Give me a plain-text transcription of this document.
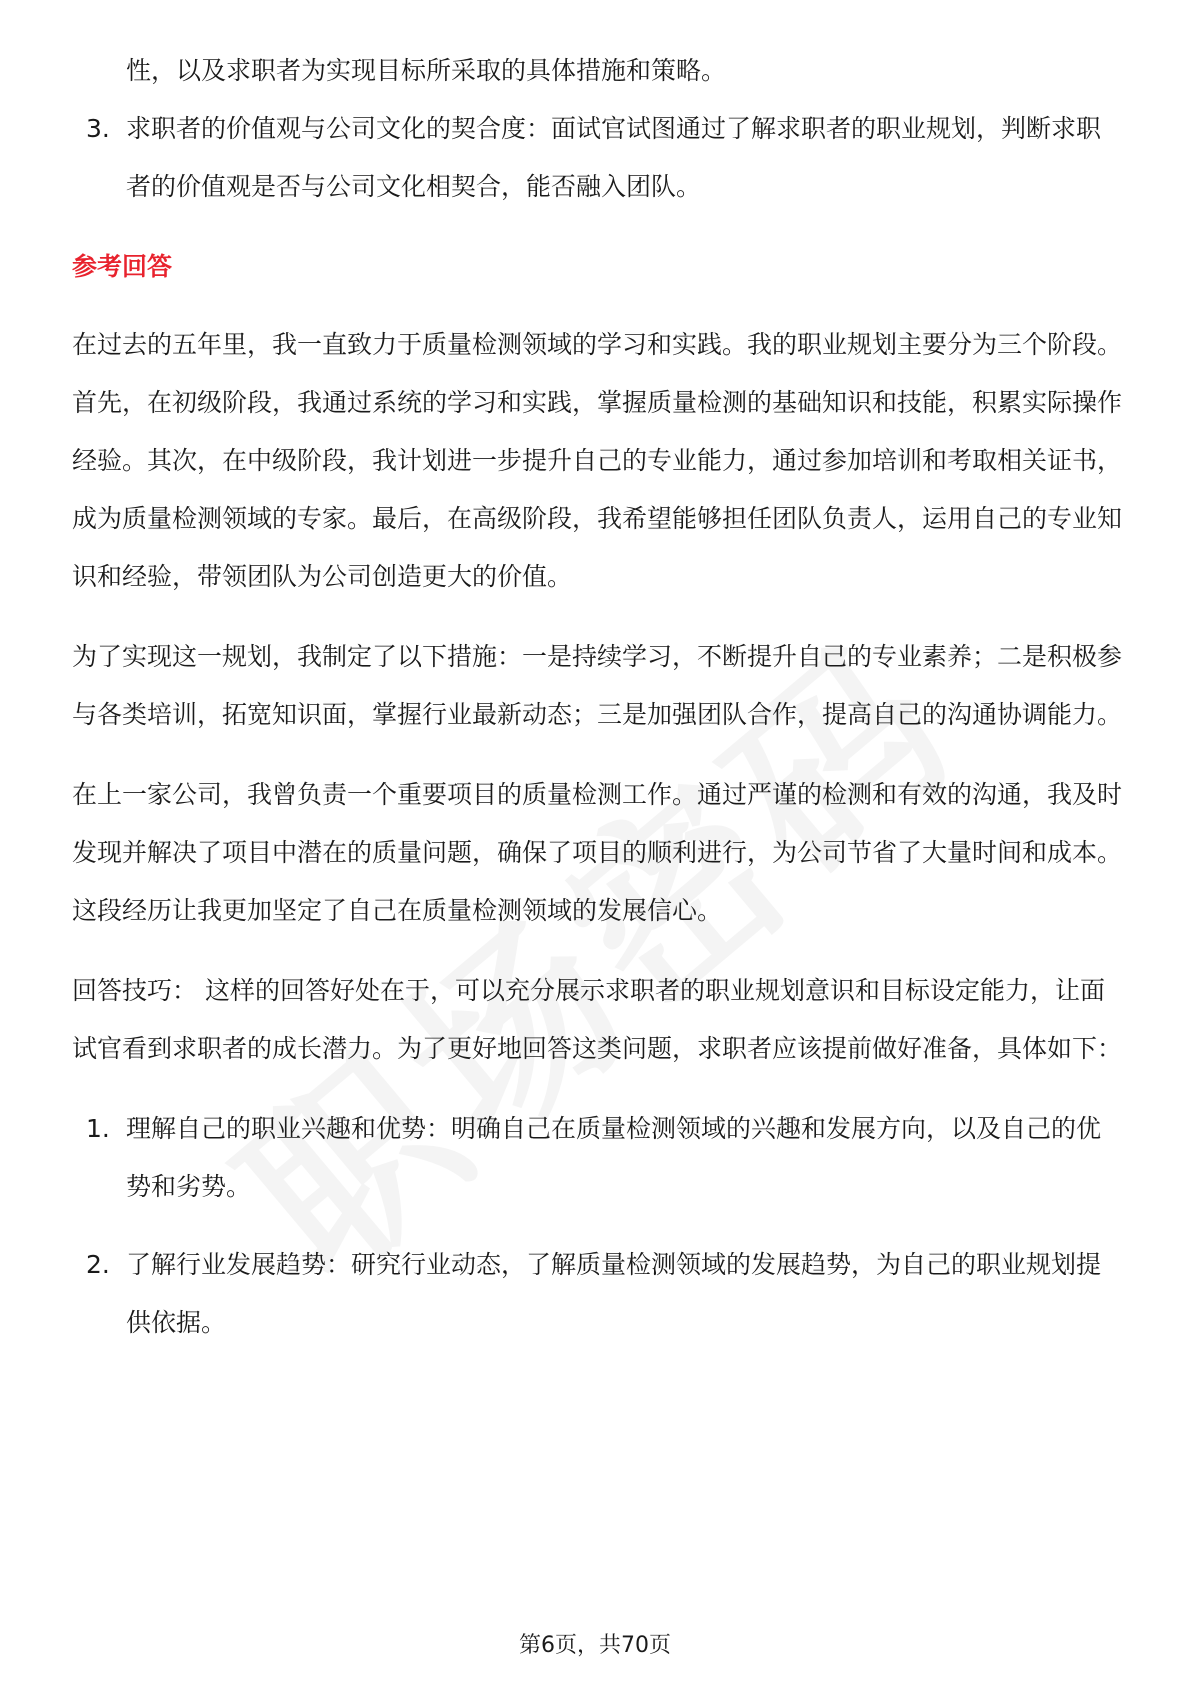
性，以及求职者为实现目标所采取的具体措施和策略。

3. 求职者的价值观与公司文化的契合度：面试官试图通过了解求职者的职业规划，判断求职者的价值观是否与公司文化相契合，能否融入团队。
参考回答

在过去的五年里，我一直致力于质量检测领域的学习和实践。我的职业规划主要分为三个阶段。首先，在初级阶段，我通过系统的学习和实践，掌握质量检测的基础知识和技能，积累实际操作经验。其次，在中级阶段，我计划进一步提升自己的专业能力，通过参加培训和考取相关证书，成为质量检测领域的专家。最后，在高级阶段，我希望能够担任团队负责人，运用自己的专业知识和经验，带领团队为公司创造更大的价值。

为了实现这一规划，我制定了以下措施：一是持续学习，不断提升自己的专业素养；二是积极参与各类培训，拓宽知识面，掌握行业最新动态；三是加强团队合作，提高自己的沟通协调能力。

在上一家公司，我曾负责一个重要项目的质量检测工作。通过严谨的检测和有效的沟通，我及时发现并解决了项目中潜在的质量问题，确保了项目的顺利进行，为公司节省了大量时间和成本。这段经历让我更加坚定了自己在质量检测领域的发展信心。

回答技巧： 这样的回答好处在于，可以充分展示求职者的职业规划意识和目标设定能力，让面试官看到求职者的成长潜力。为了更好地回答这类问题，求职者应该提前做好准备，具体如下：

1. 理解自己的职业兴趣和优势：明确自己在质量检测领域的兴趣和发展方向，以及自己的优势和劣势。
2. 了解行业发展趋势：研究行业动态，了解质量检测领域的发展趋势，为自己的职业规划提供依据。
第6页，共70页
